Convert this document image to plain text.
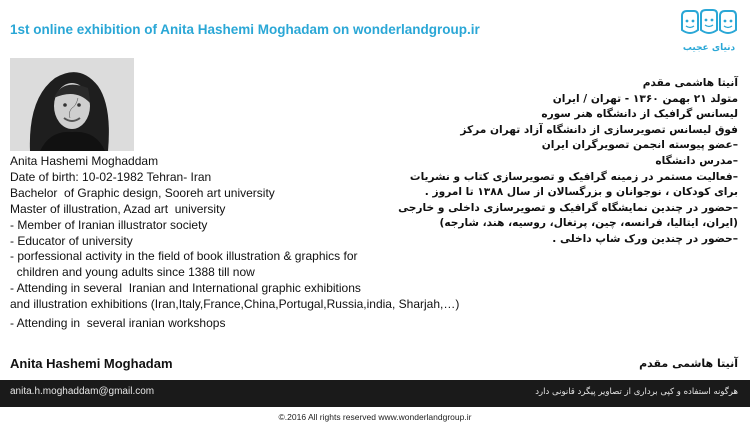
1st online exhibition of Anita Hashemi Moghadam on wonderlandgroup.ir
دنیای عجیب
Anita Hashemi Moghaddam
Date of birth: 10-02-1982 Tehran- Iran
Bachelor  of Graphic design, Sooreh art university
Master of illustration, Azad art  university
- Member of Iranian illustrator society
- Educator of university
- porfessional activity in the field of book illustration & graphics for
children and young adults since 1388 till now
- Attending in several  Iranian and International graphic exhibitions
and illustration exhibitions (Iran,Italy,France,China,Portugal,Russia,india, Sharjah,…)
- Attending in  several iranian workshops
آنیتا هاشمی مقدم
متولد ۲۱ بهمن ۱۳۶۰ - تهران / ایران
لیسانس گرافیک از دانشگاه هنر سوره
فوق لیسانس تصویرسازی از دانشگاه آزاد تهران مرکز
–عضو پیوسته انجمن تصویرگران ایران
–مدرس دانشگاه
–فعالیت مستمر در زمینه گرافیک و تصویرسازی کتاب و نشریات
برای کودکان ، نوجوانان و بزرگسالان از سال ۱۳۸۸ تا امروز .
–حضور در چندین نمایشگاه گرافیک و تصویرسازی داخلی و خارجی
(ایران، ایتالیا، فرانسه، چین، پرتغال، روسیه، هند، شارجه)
–حضور در چندین ورک شاپ داخلی .
Anita Hashemi Moghadam	آنیتا هاشمی مقدم
anita.h.moghaddam@gmail.com	هرگونه استفاده و کپی برداری از تصاویر پیگرد قانونی دارد
©.2016 All rights reserved www.wonderlandgroup.ir
